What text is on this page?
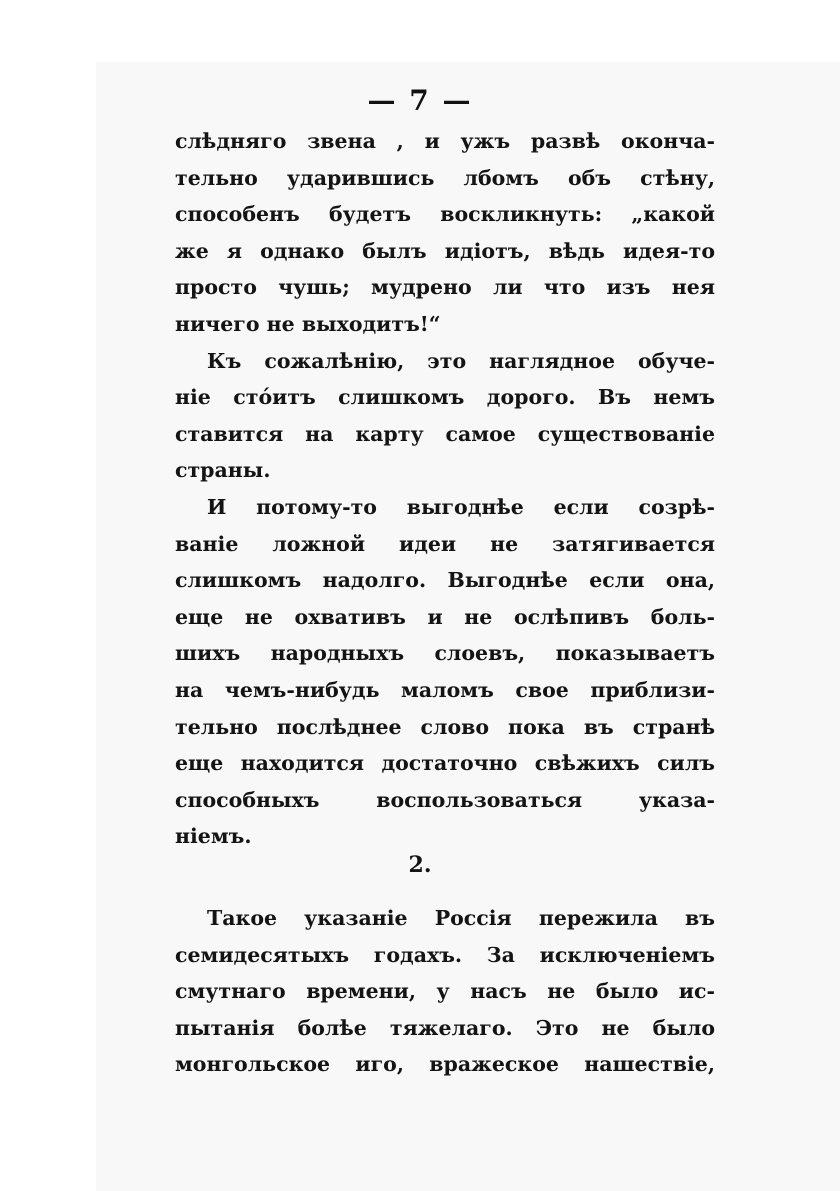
— 7 —
слѣдняго звена , и ужъ развѣ оконча-
тельно ударившись лбомъ объ стѣну,
способенъ будетъ воскликнуть: „какой
же я однако былъ идіотъ, вѣдь идея-то
просто чушь; мудрено ли что изъ нея
ничего не выходитъ!“
Къ сожалѣнію, это наглядное обуче-
ніе стóитъ слишкомъ дорого. Въ немъ
ставится на карту самое существованіе
страны.
И потому-то выгоднѣе если созрѣ-
ваніе ложной идеи не затягивается
слишкомъ надолго. Выгоднѣе если она,
еще не охвативъ и не ослѣпивъ боль-
шихъ народныхъ слоевъ, показываетъ
на чемъ-нибудь маломъ свое приблизи-
тельно послѣднее слово пока въ странѣ
еще находится достаточно свѣжихъ силъ
способныхъ воспользоваться указа-
ніемъ.
2.
Такое указаніе Россія пережила въ
семидесятыхъ годахъ. За исключеніемъ
смутнаго времени, у насъ не было ис-
пытанія болѣе тяжелаго. Это не было
монгольское иго, вражеское нашествіе,
